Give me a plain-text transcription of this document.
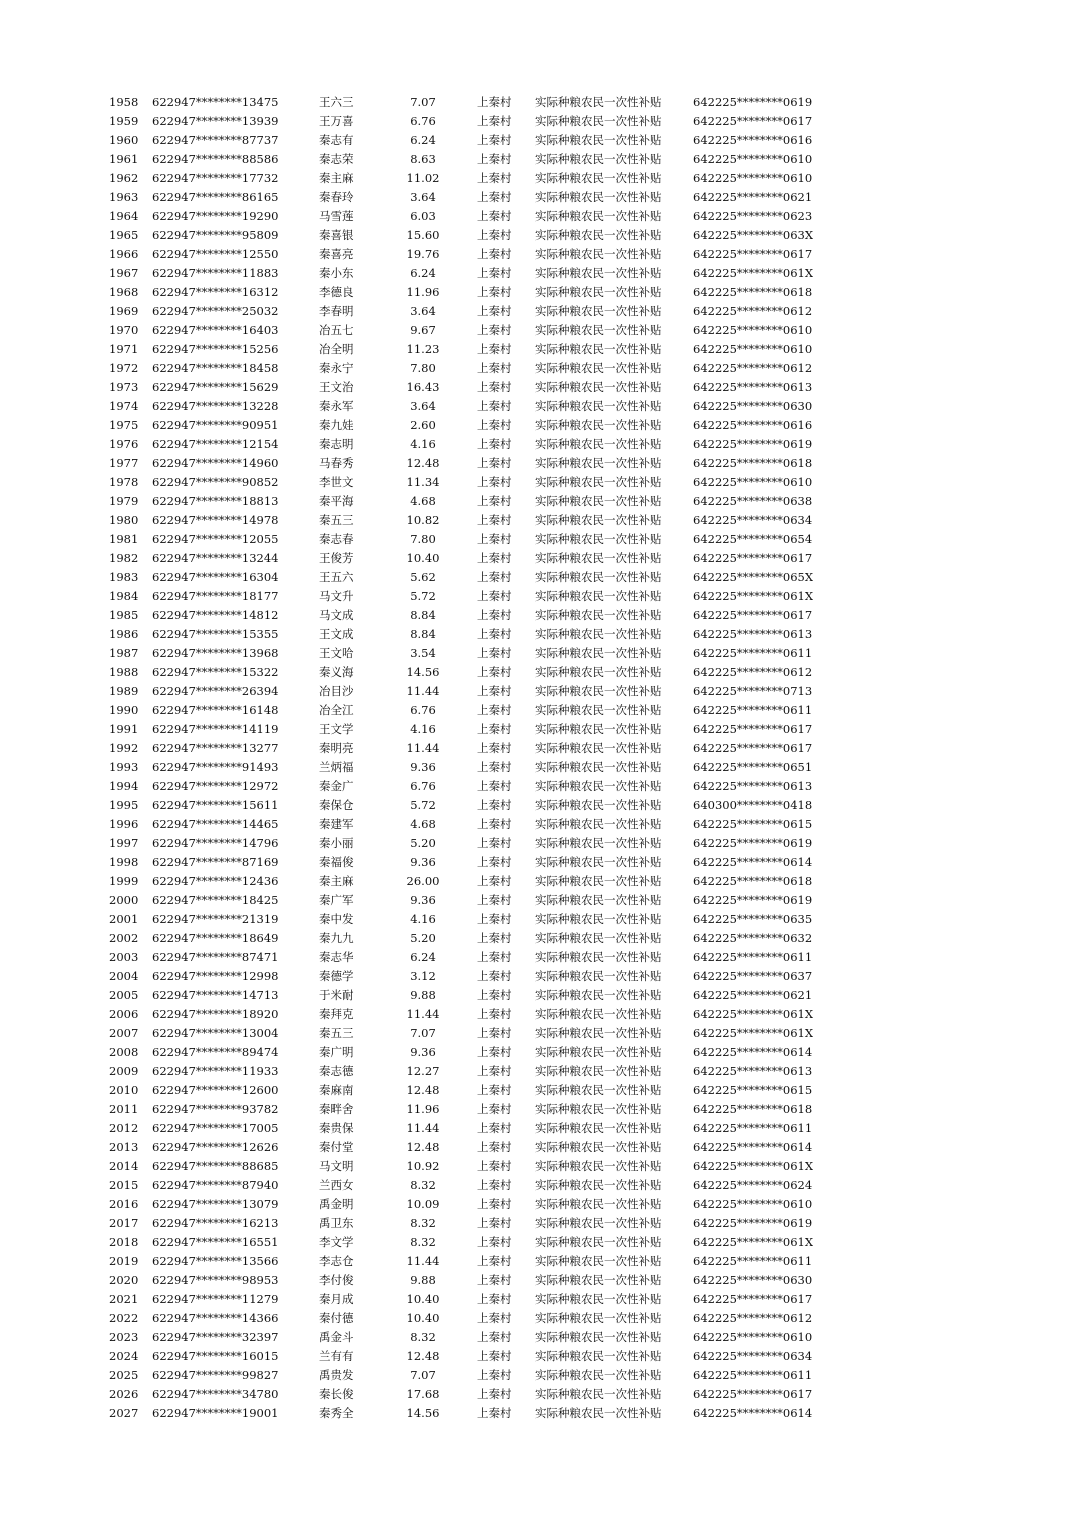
1958 622947********13475	王六三	7.07	上秦村 实际种粮农民一次性补贴	642225********0619
1959 622947********13939	王万喜	6.76	上秦村 实际种粮农民一次性补贴	642225********0617
1960 622947********87737	秦志有	6.24	上秦村 实际种粮农民一次性补贴	642225********0616
1961 622947********88586	秦志荣	8.63	上秦村 实际种粮农民一次性补贴	642225********0610
1962 622947********17732	秦主麻	11.02	上秦村 实际种粮农民一次性补贴	642225********0610
1963 622947********86165	秦春玲	3.64	上秦村 实际种粮农民一次性补贴	642225********0621
1964 622947********19290	马雪莲	6.03	上秦村 实际种粮农民一次性补贴	642225********0623
1965 622947********95809	秦喜银	15.60	上秦村 实际种粮农民一次性补贴	642225********063X
1966 622947********12550	秦喜亮	19.76	上秦村 实际种粮农民一次性补贴	642225********0617
1967 622947********11883	秦小东	6.24	上秦村 实际种粮农民一次性补贴	642225********061X
1968 622947********16312	李德良	11.96	上秦村 实际种粮农民一次性补贴	642225********0618
1969 622947********25032	李春明	3.64	上秦村 实际种粮农民一次性补贴	642225********0612
1970 622947********16403	冶五七	9.67	上秦村 实际种粮农民一次性补贴	642225********0610
1971 622947********15256	冶全明	11.23	上秦村 实际种粮农民一次性补贴	642225********0610
1972 622947********18458	秦永宁	7.80	上秦村 实际种粮农民一次性补贴	642225********0612
1973 622947********15629	王文治	16.43	上秦村 实际种粮农民一次性补贴	642225********0613
1974 622947********13228	秦永军	3.64	上秦村 实际种粮农民一次性补贴	642225********0630
1975 622947********90951	秦九娃	2.60	上秦村 实际种粮农民一次性补贴	642225********0616
1976 622947********12154	秦志明	4.16	上秦村 实际种粮农民一次性补贴	642225********0619
1977 622947********14960	马春秀	12.48	上秦村 实际种粮农民一次性补贴	642225********0618
1978 622947********90852	李世文	11.34	上秦村 实际种粮农民一次性补贴	642225********0610
1979 622947********18813	秦平海	4.68	上秦村 实际种粮农民一次性补贴	642225********0638
1980 622947********14978	秦五三	10.82	上秦村 实际种粮农民一次性补贴	642225********0634
1981 622947********12055	秦志春	7.80	上秦村 实际种粮农民一次性补贴	642225********0654
1982 622947********13244	王俊芳	10.40	上秦村 实际种粮农民一次性补贴	642225********0617
1983 622947********16304	王五六	5.62	上秦村 实际种粮农民一次性补贴	642225********065X
1984 622947********18177	马文升	5.72	上秦村 实际种粮农民一次性补贴	642225********061X
1985 622947********14812	马文成	8.84	上秦村 实际种粮农民一次性补贴	642225********0617
1986 622947********15355	王文成	8.84	上秦村 实际种粮农民一次性补贴	642225********0613
1987 622947********13968	王文哈	3.54	上秦村 实际种粮农民一次性补贴	642225********0611
1988 622947********15322	秦义海	14.56	上秦村 实际种粮农民一次性补贴	642225********0612
1989 622947********26394	冶目沙	11.44	上秦村 实际种粮农民一次性补贴	642225********0713
1990 622947********16148	冶全江	6.76	上秦村 实际种粮农民一次性补贴	642225********0611
1991 622947********14119	王文学	4.16	上秦村 实际种粮农民一次性补贴	642225********0617
1992 622947********13277	秦明亮	11.44	上秦村 实际种粮农民一次性补贴	642225********0617
1993 622947********91493	兰炳福	9.36	上秦村 实际种粮农民一次性补贴	642225********0651
1994 622947********12972	秦金广	6.76	上秦村 实际种粮农民一次性补贴	642225********0613
1995 622947********15611	秦保仓	5.72	上秦村 实际种粮农民一次性补贴	640300********0418
1996 622947********14465	秦建军	4.68	上秦村 实际种粮农民一次性补贴	642225********0615
1997 622947********14796	秦小丽	5.20	上秦村 实际种粮农民一次性补贴	642225********0619
1998 622947********87169	秦福俊	9.36	上秦村 实际种粮农民一次性补贴	642225********0614
1999 622947********12436	秦主麻	26.00	上秦村 实际种粮农民一次性补贴	642225********0618
2000 622947********18425	秦广军	9.36	上秦村 实际种粮农民一次性补贴	642225********0619
2001 622947********21319	秦中发	4.16	上秦村 实际种粮农民一次性补贴	642225********0635
2002 622947********18649	秦九九	5.20	上秦村 实际种粮农民一次性补贴	642225********0632
2003 622947********87471	秦志华	6.24	上秦村 实际种粮农民一次性补贴	642225********0611
2004 622947********12998	秦德学	3.12	上秦村 实际种粮农民一次性补贴	642225********0637
2005 622947********14713	于米耐	9.88	上秦村 实际种粮农民一次性补贴	642225********0621
2006 622947********18920	秦拜克	11.44	上秦村 实际种粮农民一次性补贴	642225********061X
2007 622947********13004	秦五三	7.07	上秦村 实际种粮农民一次性补贴	642225********061X
2008 622947********89474	秦广明	9.36	上秦村 实际种粮农民一次性补贴	642225********0614
2009 622947********11933	秦志德	12.27	上秦村 实际种粮农民一次性补贴	642225********0613
2010 622947********12600	秦麻南	12.48	上秦村 实际种粮农民一次性补贴	642225********0615
2011 622947********93782	秦畔舍	11.96	上秦村 实际种粮农民一次性补贴	642225********0618
2012 622947********17005	秦贵保	11.44	上秦村 实际种粮农民一次性补贴	642225********0611
2013 622947********12626	秦付堂	12.48	上秦村 实际种粮农民一次性补贴	642225********0614
2014 622947********88685	马文明	10.92	上秦村 实际种粮农民一次性补贴	642225********061X
2015 622947********87940	兰西女	8.32	上秦村 实际种粮农民一次性补贴	642225********0624
2016 622947********13079	禹金明	10.09	上秦村 实际种粮农民一次性补贴	642225********0610
2017 622947********16213	禹卫东	8.32	上秦村 实际种粮农民一次性补贴	642225********0619
2018 622947********16551	李文学	8.32	上秦村 实际种粮农民一次性补贴	642225********061X
2019 622947********13566	李志仓	11.44	上秦村 实际种粮农民一次性补贴	642225********0611
2020 622947********98953	李付俊	9.88	上秦村 实际种粮农民一次性补贴	642225********0630
2021 622947********11279	秦月成	10.40	上秦村 实际种粮农民一次性补贴	642225********0617
2022 622947********14366	秦付德	10.40	上秦村 实际种粮农民一次性补贴	642225********0612
2023 622947********32397	禹金斗	8.32	上秦村 实际种粮农民一次性补贴	642225********0610
2024 622947********16015	兰有有	12.48	上秦村 实际种粮农民一次性补贴	642225********0634
2025 622947********99827	禹贵发	7.07	上秦村 实际种粮农民一次性补贴	642225********0611
2026 622947********34780	秦长俊	17.68	上秦村 实际种粮农民一次性补贴	642225********0617
2027 622947********19001	秦秀全	14.56	上秦村 实际种粮农民一次性补贴	642225********0614
